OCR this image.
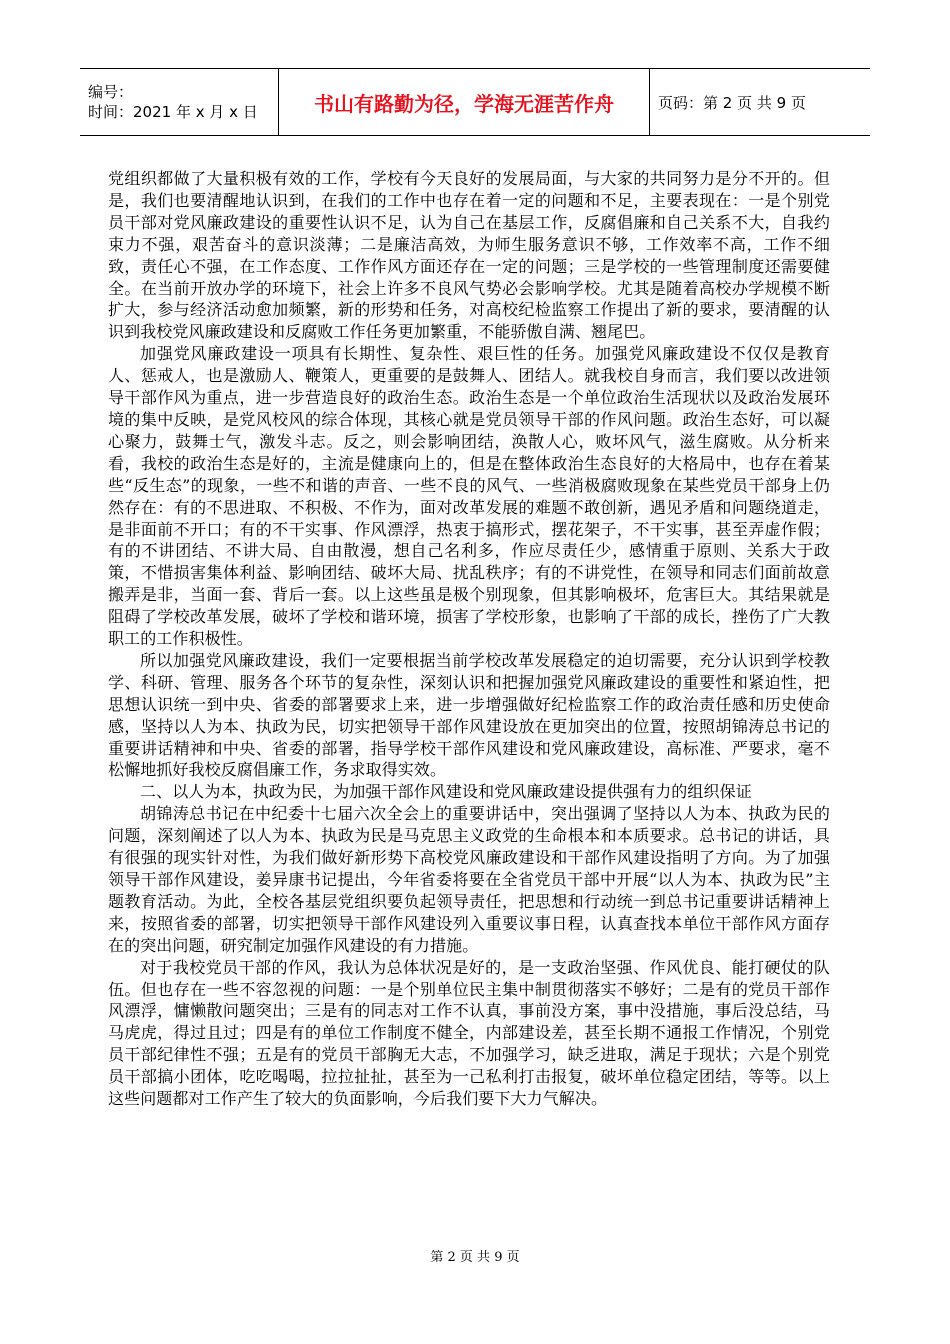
编号：
时间：2021 年 x 月 x 日	书山有路勤为径，学海无涯苦作舟	页码：第 2 页 共 9 页

党组织都做了大量积极有效的工作，学校有今天良好的发展局面，与大家的共同努力是分不开的。但是，我们也要清醒地认识到，在我们的工作中也存在着一定的问题和不足，主要表现在：一是个别党员干部对党风廉政建设的重要性认识不足，认为自己在基层工作，反腐倡廉和自己关系不大，自我约束力不强，艰苦奋斗的意识淡薄；二是廉洁高效，为师生服务意识不够，工作效率不高，工作不细致，责任心不强，在工作态度、工作作风方面还存在一定的问题；三是学校的一些管理制度还需要健全。在当前开放办学的环境下，社会上许多不良风气势必会影响学校。尤其是随着高校办学规模不断扩大，参与经济活动愈加频繁，新的形势和任务，对高校纪检监察工作提出了新的要求，要清醒的认识到我校党风廉政建设和反腐败工作任务更加繁重，不能骄傲自满、翘尾巴。

加强党风廉政建设一项具有长期性、复杂性、艰巨性的任务。加强党风廉政建设不仅仅是教育人、惩戒人，也是激励人、鞭策人，更重要的是鼓舞人、团结人。就我校自身而言，我们要以改进领导干部作风为重点，进一步营造良好的政治生态。政治生态是一个单位政治生活现状以及政治发展环境的集中反映，是党风校风的综合体现，其核心就是党员领导干部的作风问题。政治生态好，可以凝心聚力，鼓舞士气，激发斗志。反之，则会影响团结，涣散人心，败坏风气，滋生腐败。从分析来看，我校的政治生态是好的，主流是健康向上的，但是在整体政治生态良好的大格局中，也存在着某些“反生态”的现象，一些不和谐的声音、一些不良的风气、一些消极腐败现象在某些党员干部身上仍然存在：有的不思进取、不积极、不作为，面对改革发展的难题不敢创新，遇见矛盾和问题绕道走，是非面前不开口；有的不干实事、作风漂浮，热衷于搞形式，摆花架子，不干实事，甚至弄虚作假；有的不讲团结、不讲大局、自由散漫，想自己名利多，作应尽责任少，感情重于原则、关系大于政策，不惜损害集体利益、影响团结、破坏大局、扰乱秩序；有的不讲党性，在领导和同志们面前故意搬弄是非，当面一套、背后一套。以上这些虽是极个别现象，但其影响极坏，危害巨大。其结果就是阻碍了学校改革发展，破坏了学校和谐环境，损害了学校形象，也影响了干部的成长，挫伤了广大教职工的工作积极性。

所以加强党风廉政建设，我们一定要根据当前学校改革发展稳定的迫切需要，充分认识到学校教学、科研、管理、服务各个环节的复杂性，深刻认识和把握加强党风廉政建设的重要性和紧迫性，把思想认识统一到中央、省委的部署要求上来，进一步增强做好纪检监察工作的政治责任感和历史使命感，坚持以人为本、执政为民，切实把领导干部作风建设放在更加突出的位置，按照胡锦涛总书记的重要讲话精神和中央、省委的部署，指导学校干部作风建设和党风廉政建设，高标准、严要求，毫不松懈地抓好我校反腐倡廉工作，务求取得实效。

二、以人为本，执政为民，为加强干部作风建设和党风廉政建设提供强有力的组织保证

胡锦涛总书记在中纪委十七届六次全会上的重要讲话中，突出强调了坚持以人为本、执政为民的问题，深刻阐述了以人为本、执政为民是马克思主义政党的生命根本和本质要求。总书记的讲话，具有很强的现实针对性，为我们做好新形势下高校党风廉政建设和干部作风建设指明了方向。为了加强领导干部作风建设，姜异康书记提出，今年省委将要在全省党员干部中开展“以人为本、执政为民”主题教育活动。为此，全校各基层党组织要负起领导责任，把思想和行动统一到总书记重要讲话精神上来，按照省委的部署，切实把领导干部作风建设列入重要议事日程，认真查找本单位干部作风方面存在的突出问题，研究制定加强作风建设的有力措施。

对于我校党员干部的作风，我认为总体状况是好的，是一支政治坚强、作风优良、能打硬仗的队伍。但也存在一些不容忽视的问题：一是个别单位民主集中制贯彻落实不够好；二是有的党员干部作风漂浮，慵懒散问题突出；三是有的同志对工作不认真，事前没方案，事中没措施，事后没总结，马马虎虎，得过且过；四是有的单位工作制度不健全，内部建设差，甚至长期不通报工作情况，个别党员干部纪律性不强；五是有的党员干部胸无大志，不加强学习，缺乏进取，满足于现状；六是个别党员干部搞小团体，吃吃喝喝，拉拉扯扯，甚至为一己私利打击报复，破坏单位稳定团结，等等。以上这些问题都对工作产生了较大的负面影响，今后我们要下大力气解决。

第 2 页 共 9 页
